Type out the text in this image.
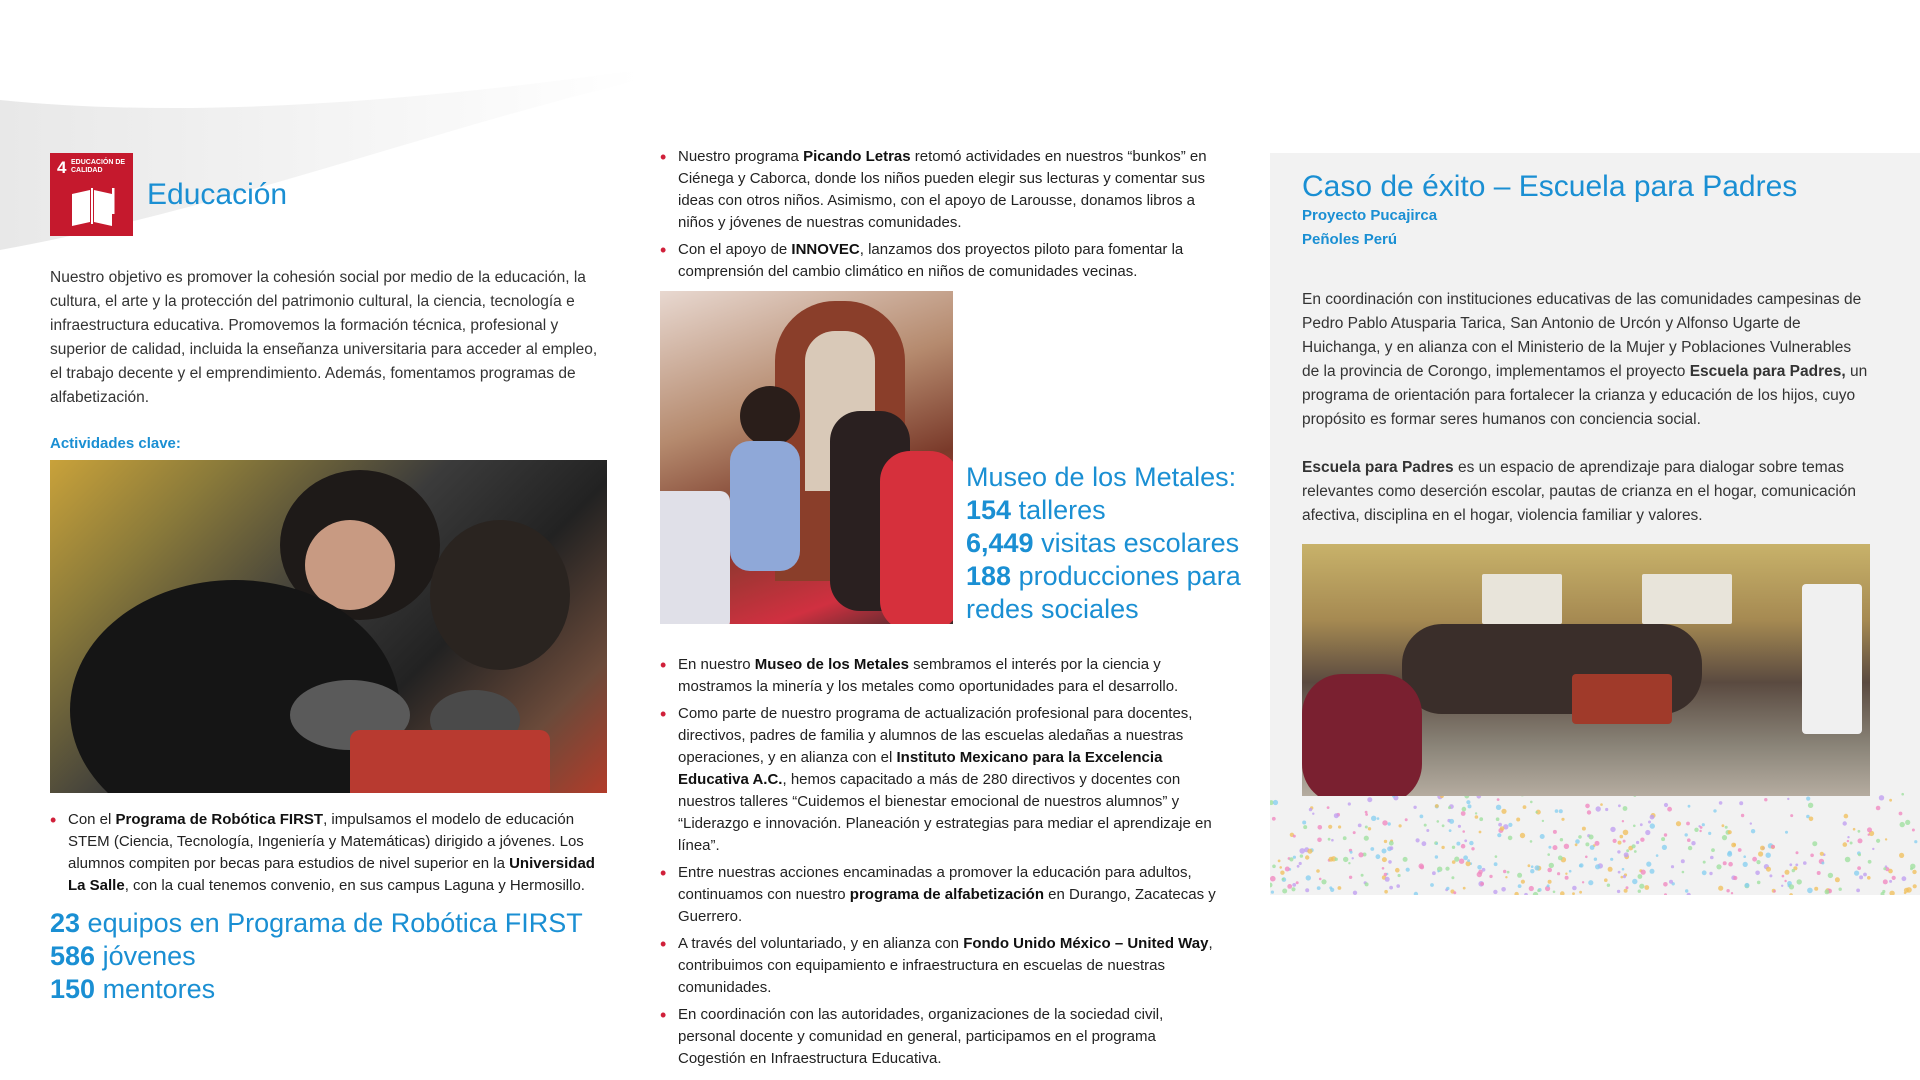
4 EDUCACIÓN DE CALIDAD
Educación

Nuestro objetivo es promover la cohesión social por medio de la educación, la cultura, el arte y la protección del patrimonio cultural, la ciencia, tecnología e infraestructura educativa. Promovemos la formación técnica, profesional y superior de calidad, incluida la enseñanza universitaria para acceder al empleo, el trabajo decente y el emprendimiento. Además, fomentamos programas de alfabetización.

Actividades clave:
• Con el Programa de Robótica FIRST, impulsamos el modelo de educación STEM (Ciencia, Tecnología, Ingeniería y Matemáticas) dirigido a jóvenes. Los alumnos compiten por becas para estudios de nivel superior en la Universidad La Salle, con la cual tenemos convenio, en sus campus Laguna y Hermosillo.
23 equipos en Programa de Robótica FIRST
586 jóvenes
150 mentores
• Nuestro programa Picando Letras retomó actividades en nuestros “bunkos” en Ciénega y Caborca, donde los niños pueden elegir sus lecturas y comentar sus ideas con otros niños. Asimismo, con el apoyo de Larousse, donamos libros a niños y jóvenes de nuestras comunidades.
• Con el apoyo de INNOVEC, lanzamos dos proyectos piloto para fomentar la comprensión del cambio climático en niños de comunidades vecinas.
Museo de los Metales:
154 talleres
6,449 visitas escolares
188 producciones para redes sociales
• En nuestro Museo de los Metales sembramos el interés por la ciencia y mostramos la minería y los metales como oportunidades para el desarrollo.
• Como parte de nuestro programa de actualización profesional para docentes, directivos, padres de familia y alumnos de las escuelas aledañas a nuestras operaciones, y en alianza con el Instituto Mexicano para la Excelencia Educativa A.C., hemos capacitado a más de 280 directivos y docentes con nuestros talleres “Cuidemos el bienestar emocional de nuestros alumnos” y “Liderazgo e innovación. Planeación y estrategias para mediar el aprendizaje en línea”.
• Entre nuestras acciones encaminadas a promover la educación para adultos, continuamos con nuestro programa de alfabetización en Durango, Zacatecas y Guerrero.
• A través del voluntariado, y en alianza con Fondo Unido México – United Way, contribuimos con equipamiento e infraestructura en escuelas de nuestras comunidades.
• En coordinación con las autoridades, organizaciones de la sociedad civil, personal docente y comunidad en general, participamos en el programa Cogestión en Infraestructura Educativa.
Caso de éxito – Escuela para Padres
Proyecto Pucajirca
Peñoles Perú

En coordinación con instituciones educativas de las comunidades campesinas de Pedro Pablo Atusparia Tarica, San Antonio de Urcón y Alfonso Ugarte de Huichanga, y en alianza con el Ministerio de la Mujer y Poblaciones Vulnerables de la provincia de Corongo, implementamos el proyecto Escuela para Padres, un programa de orientación para fortalecer la crianza y educación de los hijos, cuyo propósito es formar seres humanos con conciencia social.

Escuela para Padres es un espacio de aprendizaje para dialogar sobre temas relevantes como deserción escolar, pautas de crianza en el hogar, comunicación afectiva, disciplina en el hogar, violencia familiar y valores.
